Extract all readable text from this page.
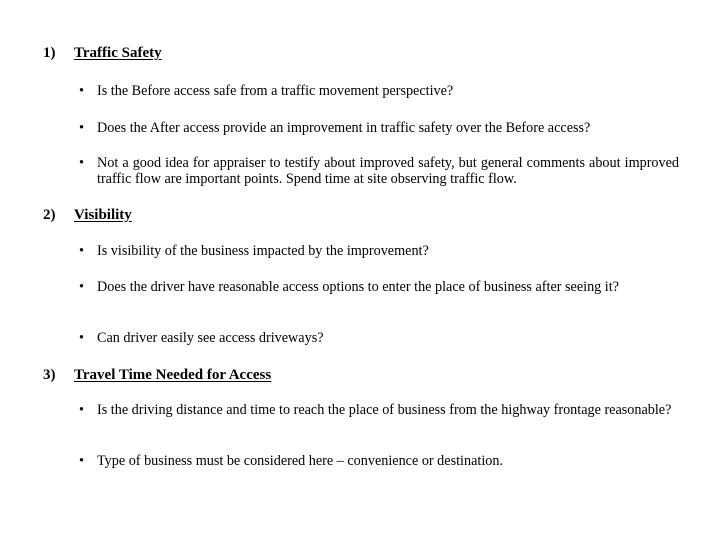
1) Traffic Safety
• Is the Before access safe from a traffic movement perspective?
• Does the After access provide an improvement in traffic safety over the Before access?
• Not a good idea for appraiser to testify about improved safety, but general comments about improved traffic flow are important points. Spend time at site observing traffic flow.
2) Visibility
• Is visibility of the business impacted by the improvement?
• Does the driver have reasonable access options to enter the place of business after seeing it?
• Can driver easily see access driveways?
3) Travel Time Needed for Access
• Is the driving distance and time to reach the place of business from the highway frontage reasonable?
• Type of business must be considered here – convenience or destination.
